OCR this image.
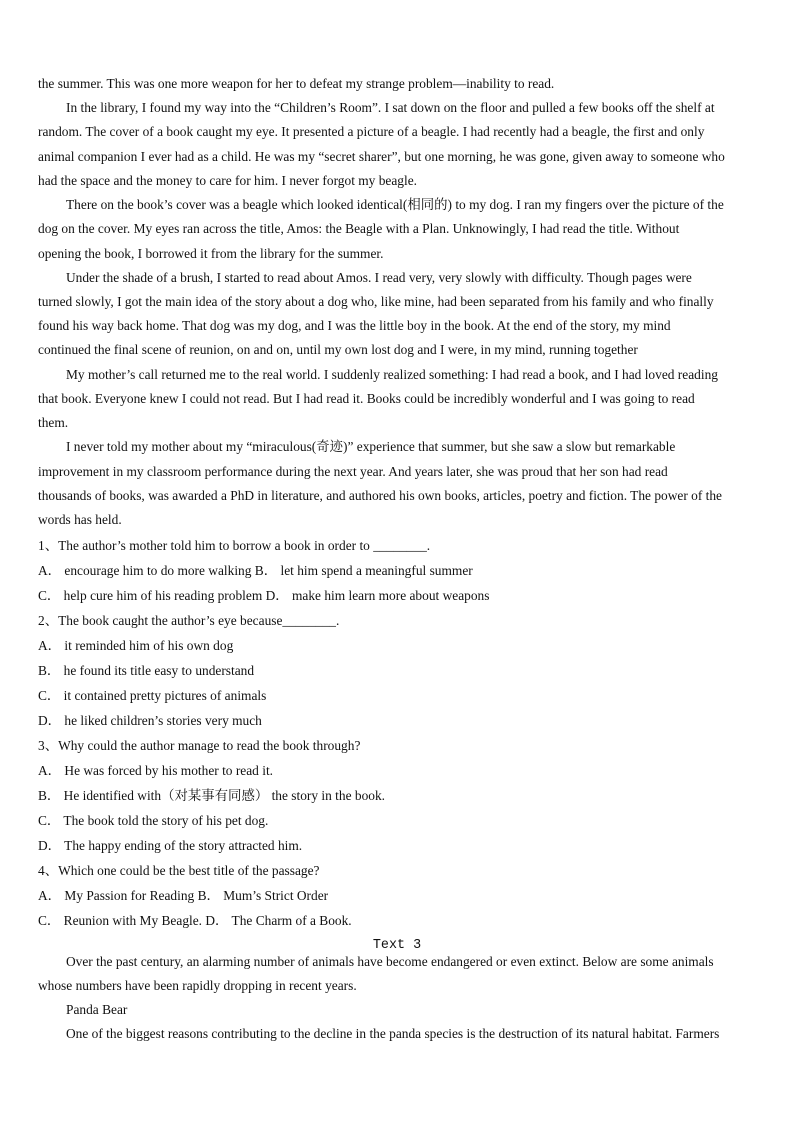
the summer. This was one more weapon for her to defeat my strange problem—inability to read.
In the library, I found my way into the “Children’s Room”. I sat down on the floor and pulled a few books off the shelf at
random. The cover of a book caught my eye. It presented a picture of a beagle. I had recently had a beagle, the first and only
animal companion I ever had as a child. He was my “secret sharer”, but one morning, he was gone, given away to someone who
had the space and the money to care for him. I never forgot my beagle.
There on the book’s cover was a beagle which looked identical(相同的) to my dog. I ran my fingers over the picture of the
dog on the cover. My eyes ran across the title, Amos: the Beagle with a Plan. Unknowingly, I had read the title. Without
opening the book, I borrowed it from the library for the summer.
Under the shade of a brush, I started to read about Amos. I read very, very slowly with difficulty. Though pages were
turned slowly, I got the main idea of the story about a dog who, like mine, had been separated from his family and who finally
found his way back home. That dog was my dog, and I was the little boy in the book. At the end of the story, my mind
continued the final scene of reunion, on and on, until my own lost dog and I were, in my mind, running together
My mother’s call returned me to the real world. I suddenly realized something: I had read a book, and I had loved reading
that book. Everyone knew I could not read. But I had read it. Books could be incredibly wonderful and I was going to read
them.
I never told my mother about my “miraculous(奇迹)” experience that summer, but she saw a slow but remarkable
improvement in my classroom performance during the next year. And years later, she was proud that her son had read
thousands of books, was awarded a PhD in literature, and authored his own books, articles, poetry and fiction. The power of the
words has held.
1、The author’s mother told him to borrow a book in order to ________.
A． encourage him to do more walking B． let him spend a meaningful summer
C． help cure him of his reading problem D． make him learn more about weapons
2、The book caught the author’s eye because________.
A． it reminded him of his own dog
B． he found its title easy to understand
C． it contained pretty pictures of animals
D． he liked children’s stories very much
3、Why could the author manage to read the book through?
A． He was forced by his mother to read it.
B． He identified with（对某事有同感） the story in the book.
C． The book told the story of his pet dog.
D． The happy ending of the story attracted him.
4、Which one could be the best title of the passage?
A． My Passion for Reading B． Mum’s Strict Order
C． Reunion with My Beagle. D． The Charm of a Book.
Text 3
Over the past century, an alarming number of animals have become endangered or even extinct. Below are some animals
whose numbers have been rapidly dropping in recent years.
Panda Bear
One of the biggest reasons contributing to the decline in the panda species is the destruction of its natural habitat. Farmers
